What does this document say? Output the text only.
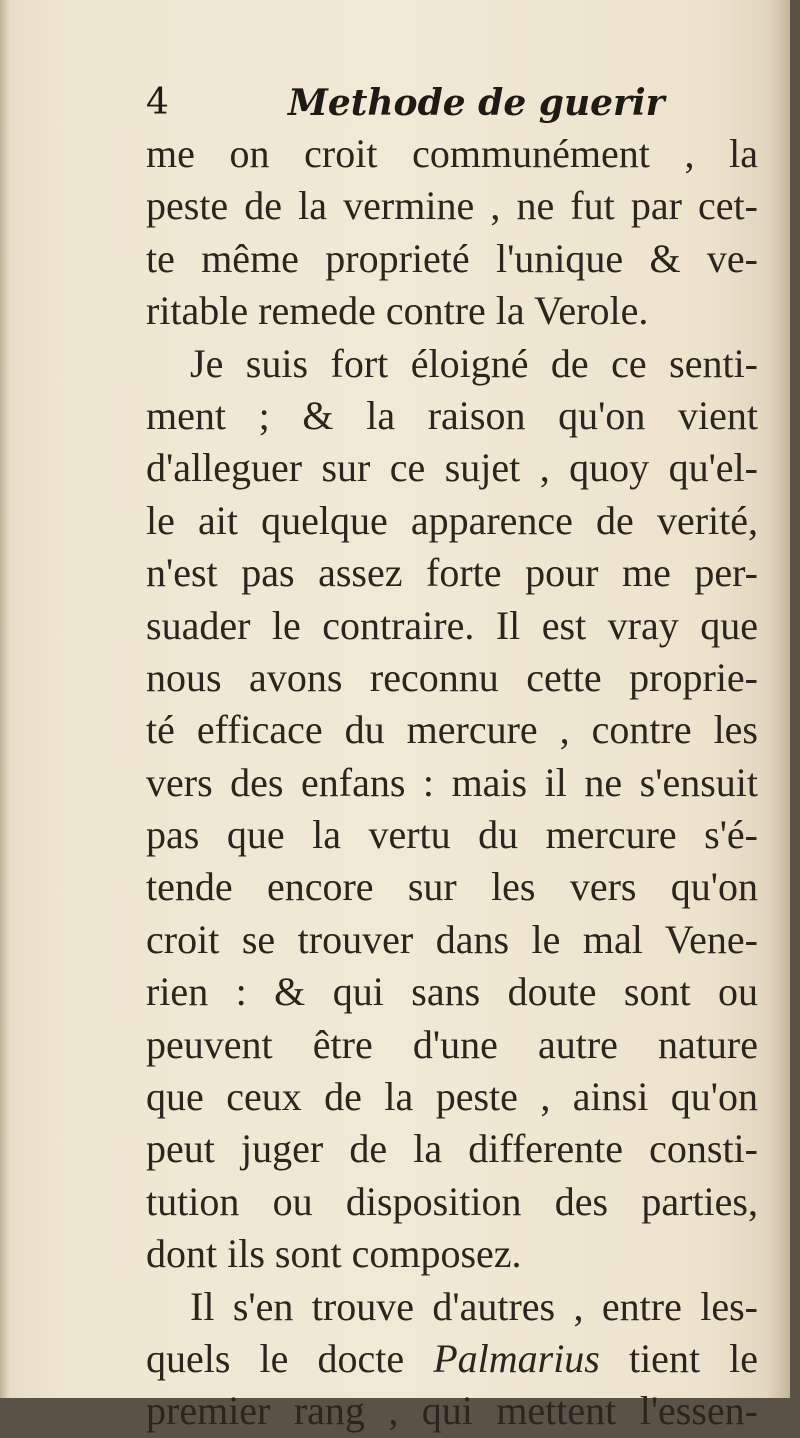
4	Methode de guerir
me on croit communément , la
peste de la vermine , ne fut par cet-
te même proprieté l'unique & ve-
ritable remede contre la Verole.
Je suis fort éloigné de ce senti-
ment ; & la raison qu'on vient
d'alleguer sur ce sujet , quoy qu'el-
le ait quelque apparence de verité,
n'est pas assez forte pour me per-
suader le contraire. Il est vray que
nous avons reconnu cette proprie-
té efficace du mercure , contre les
vers des enfans : mais il ne s'ensuit
pas que la vertu du mercure s'é-
tende encore sur les vers qu'on
croit se trouver dans le mal Vene-
rien : & qui sans doute sont ou
peuvent être d'une autre nature
que ceux de la peste , ainsi qu'on
peut juger de la differente consti-
tution ou disposition des parties,
dont ils sont composez.
Il s'en trouve d'autres , entre les-
quels le docte Palmarius tient le
premier rang , qui mettent l'essen-
